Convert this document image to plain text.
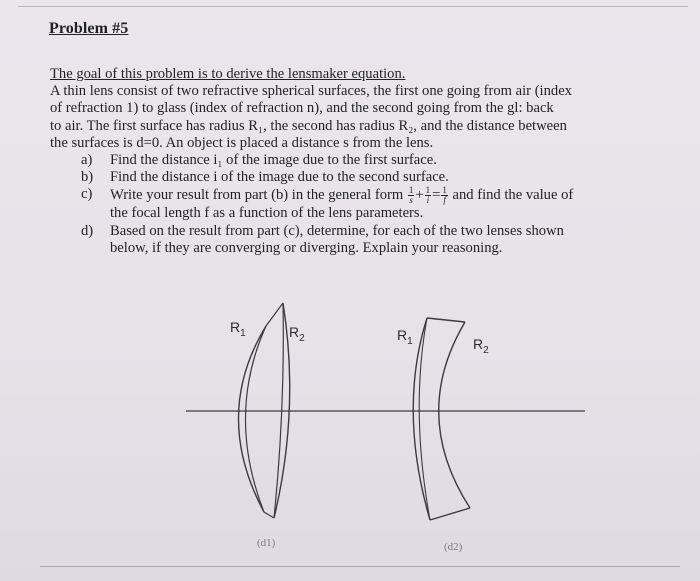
Problem #5

The goal of this problem is to derive the lensmaker equation.

A thin lens consist of two refractive spherical surfaces, the first one going from air (index
of refraction 1) to glass (index of refraction n), and the second going from the gl: back
to air. The first surface has radius R₁, the second has radius R₂, and the distance between
the surfaces is d=0. An object is placed a distance s from the lens.

a) Find the distance i₁ of the image due to the first surface.
b) Find the distance i of the image due to the second surface.
c) Write your result from part (b) in the general form $\frac{1}{s} + \frac{1}{i} = \frac{1}{f}$ and find the value of
the focal length f as a function of the lens parameters.
d) Based on the result from part (c), determine, for each of the two lenses shown
below, if they are converging or diverging. Explain your reasoning.
$R_1$	$R_2$	$R_1$	$R_2$
(d1)	(d2)
